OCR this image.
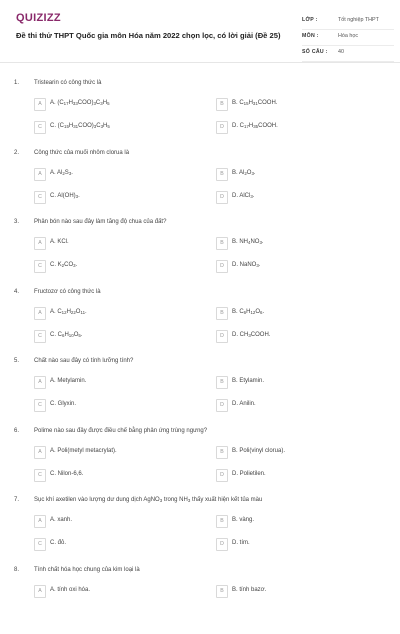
QUIZIZZ
Đề thi thử THPT Quốc gia môn Hóa năm 2022 chọn lọc, có lời giải (Đề 25)
LỚP :	Tốt nghiệp THPT
MÔN :	Hóa học
SỐ CÂU : 40
1. Tristearin có công thức là
A	A. $(C_{17}H_{33}COO)_3C_3H_5$	B	B. $C_{15}H_{31}COOH$.
C	C. $(C_{15}H_{31}COO)_3C_3H_5$	D	D. $C_{17}H_{35}COOH$.
2. Công thức của muối nhôm clorua là
A	A. $Al_2S_3$.	B	B. $Al_2O_3$.
C	C. $Al(OH)_3$.	D	D. AlCl$_3$.
3. Phân bón nào sau đây làm tăng độ chua của đất?
A	A. KCl.	B	B. $NH_4NO_3$.
C	C. $K_2CO_3$.	D	D. NaNO$_3$.
4. Fructozơ có công thức là
A	A. $C_{12}H_{22}O_{11}$.	B	B. $C_6H_{12}O_6$.
C	C. $C_6H_{10}O_5$.	D	D. $CH_3COOH$.
5. Chất nào sau đây có tính lưỡng tính?
A	A. Metylamin.	B	B. Etylamin.
C	C. Glyxin.	D	D. Anilin.
6. Polime nào sau đây được điều chế bằng phản ứng trùng ngưng?
A	A. Poli(metyl metacrylat).	B	B. Poli(vinyl clorua).
C	C. Nilon-6,6.	D	D. Polietilen.
7. Sục khí axetilen vào lượng dư dung dịch AgNO$_3$ trong $NH_3$ thấy xuất hiện kết tủa màu
A	A. xanh.	B	B. vàng.
C	C. đỏ.	D	D. tím.
8. Tính chất hóa học chung của kim loại là
A	A. tính oxi hóa.	B	B. tính bazơ.
